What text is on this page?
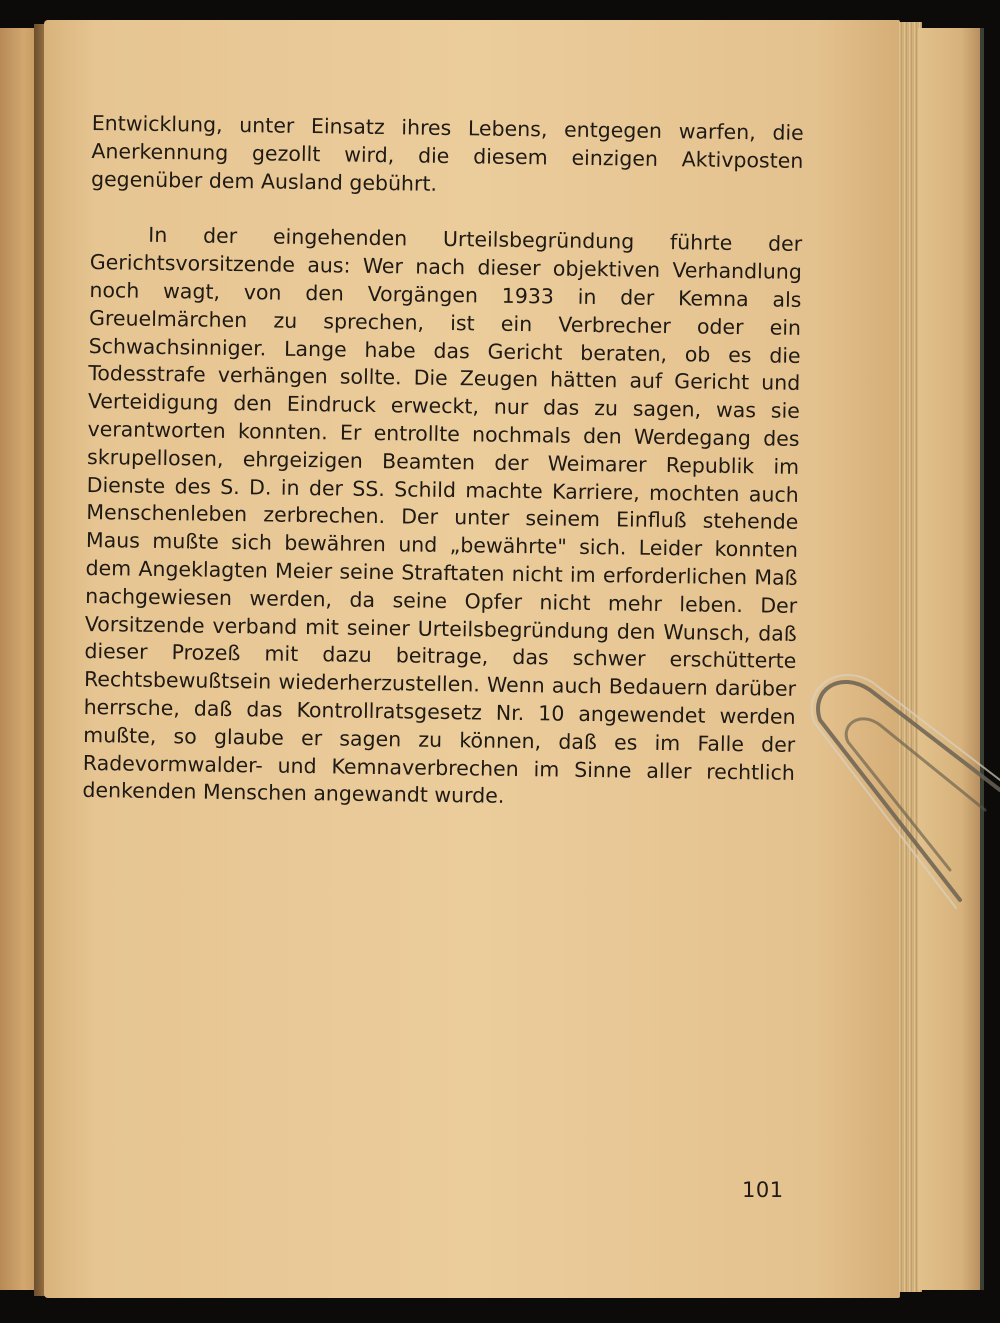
Entwicklung, unter Einsatz ihres Lebens, entgegen warfen, die Anerkennung gezollt wird, die diesem einzigen Aktivposten gegenüber dem Ausland gebührt.

In der eingehenden Urteilsbegründung führte der Gerichtsvorsitzende aus: Wer nach dieser objektiven Verhandlung noch wagt, von den Vorgängen 1933 in der Kemna als Greuelmärchen zu sprechen, ist ein Verbrecher oder ein Schwachsinniger. Lange habe das Gericht beraten, ob es die Todesstrafe verhängen sollte. Die Zeugen hätten auf Gericht und Verteidigung den Eindruck erweckt, nur das zu sagen, was sie verantworten konnten. Er entrollte nochmals den Werdegang des skrupellosen, ehrgeizigen Beamten der Weimarer Republik im Dienste des S. D. in der SS. Schild machte Karriere, mochten auch Menschenleben zerbrechen. Der unter seinem Einfluß stehende Maus mußte sich bewähren und „bewährte" sich. Leider konnten dem Angeklagten Meier seine Straftaten nicht im erforderlichen Maß nachgewiesen werden, da seine Opfer nicht mehr leben. Der Vorsitzende verband mit seiner Urteilsbegründung den Wunsch, daß dieser Prozeß mit dazu beitrage, das schwer erschütterte Rechtsbewußtsein wiederherzustellen. Wenn auch Bedauern darüber herrsche, daß das Kontrollratsgesetz Nr. 10 angewendet werden mußte, so glaube er sagen zu können, daß es im Falle der Radevormwalder- und Kemnaverbrechen im Sinne aller rechtlich denkenden Menschen angewandt wurde.

101
